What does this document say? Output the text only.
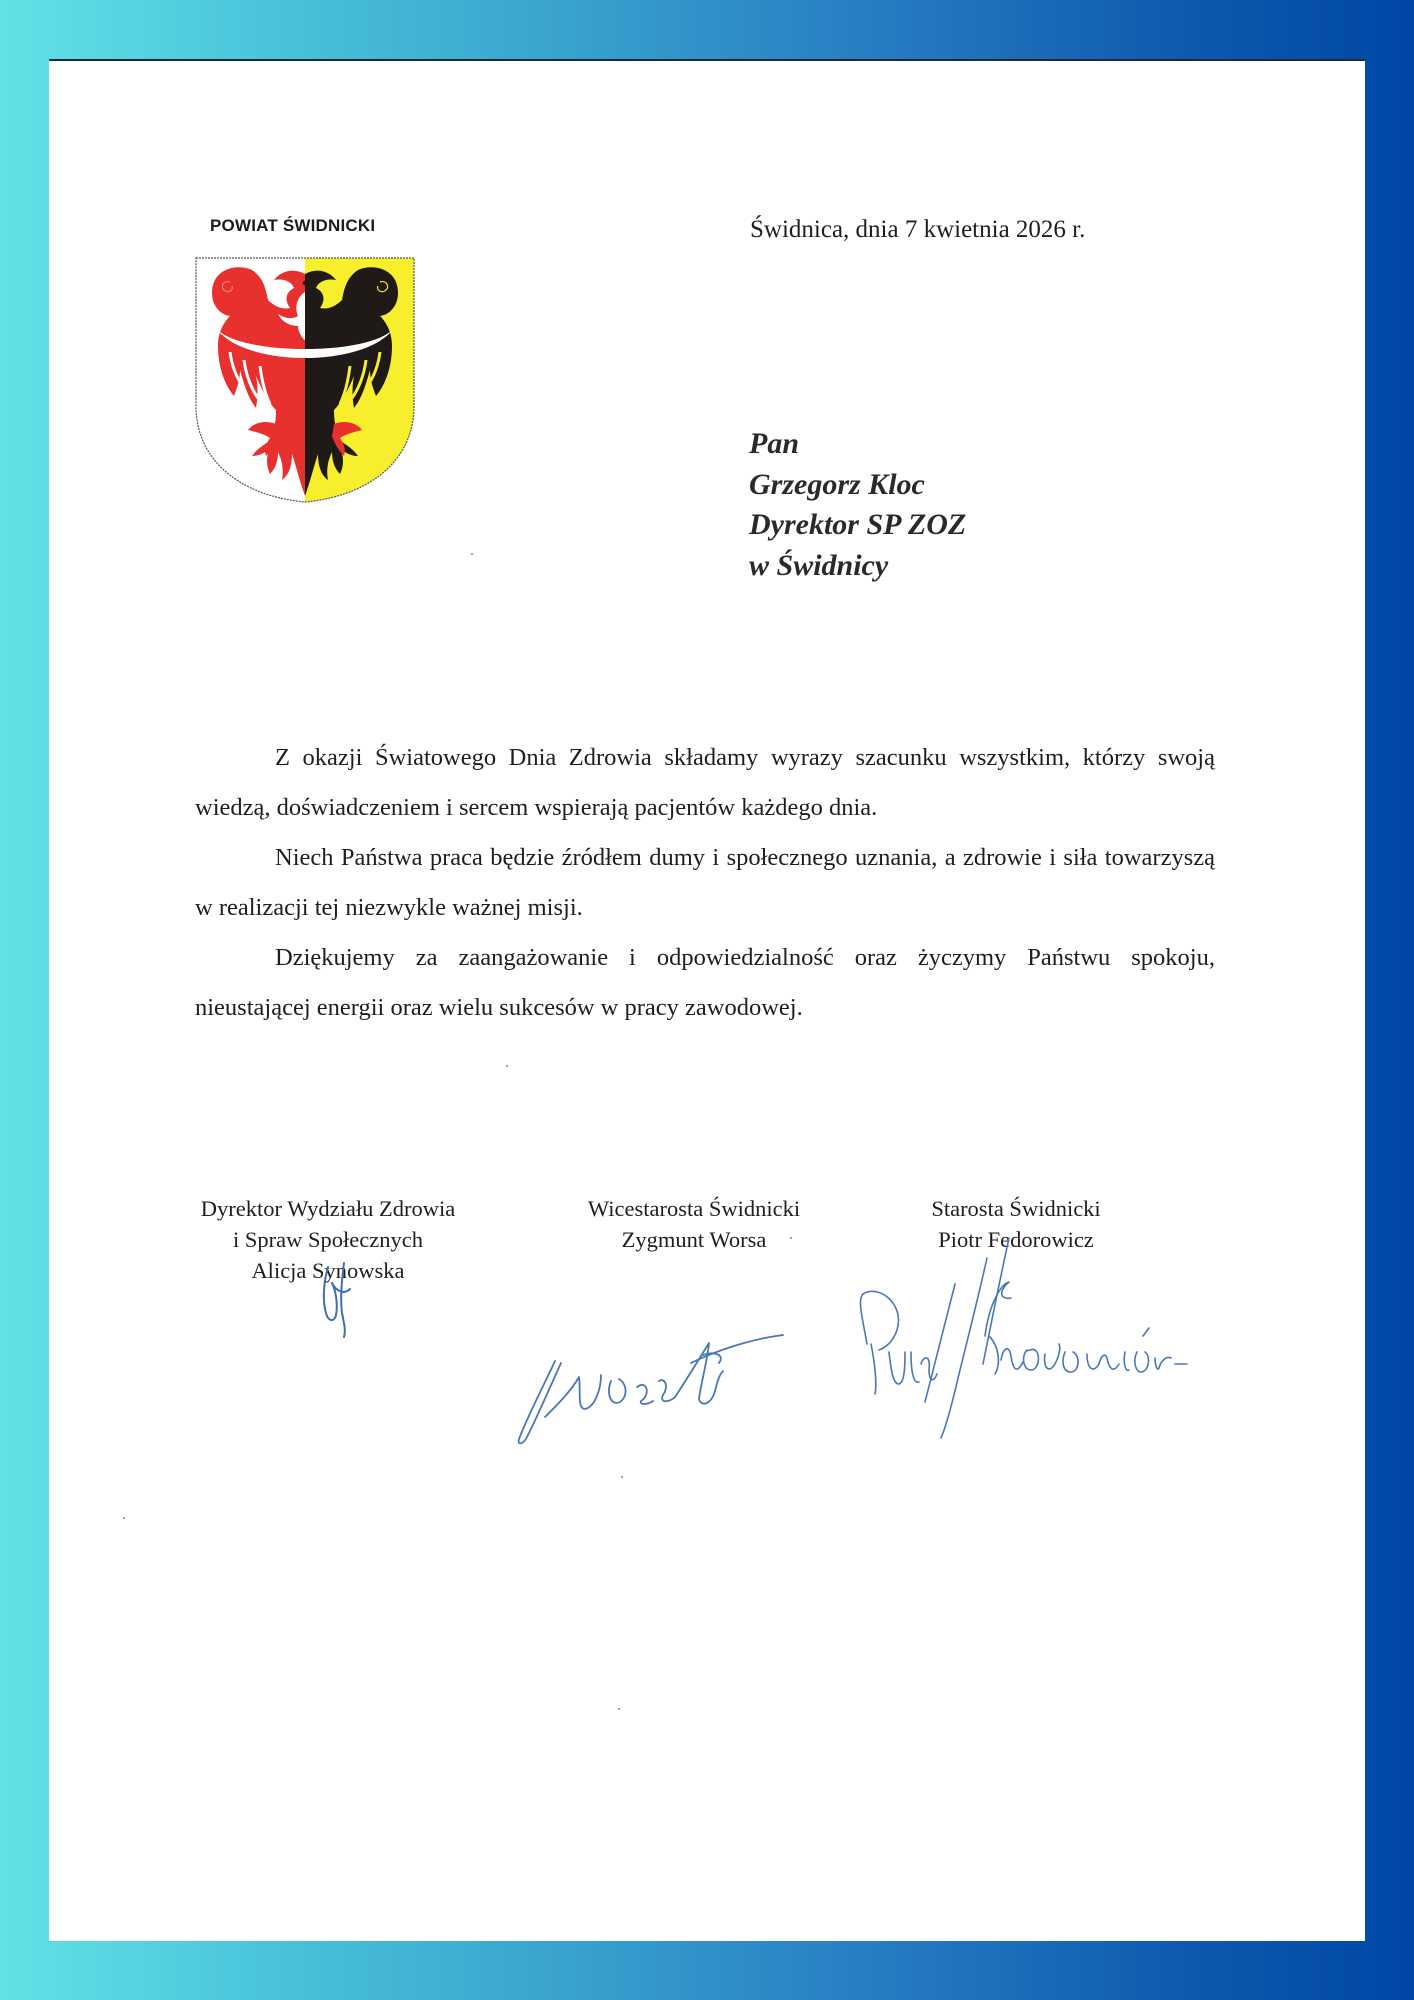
POWIAT ŚWIDNICKI	Świdnica, dnia 7 kwietnia 2026 r.
Pan
Grzegorz Kloc
Dyrektor SP ZOZ
w Świdnicy

Z okazji Światowego Dnia Zdrowia składamy wyrazy szacunku wszystkim, którzy swoją wiedzą, doświadczeniem i sercem wspierają pacjentów każdego dnia.

Niech Państwa praca będzie źródłem dumy i społecznego uznania, a zdrowie i siła towarzyszą w realizacji tej niezwykle ważnej misji.

Dziękujemy za zaangażowanie i odpowiedzialność oraz życzymy Państwu spokoju, nieustającej energii oraz wielu sukcesów w pracy zawodowej.

Dyrektor Wydziału Zdrowia
i Spraw Społecznych
Alicja Synowska
Wicestarosta Świdnicki
Zygmunt Worsa
Starosta Świdnicki
Piotr Fedorowicz
